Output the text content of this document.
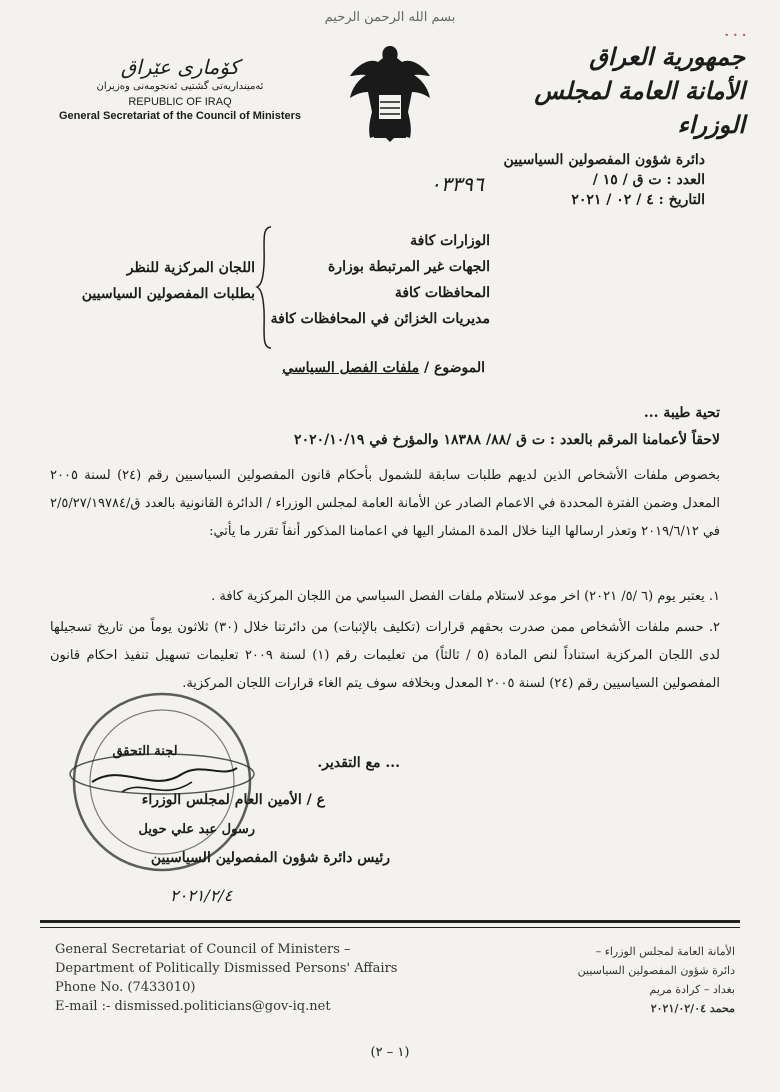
···
بسم الله الرحمن الرحيم
جمهورية العراق
الأمانة العامة لمجلس الوزراء
كۆماری عێراق
ئه‌مینداریه‌تی گشتیی ئه‌نجومه‌نی وه‌زیران
REPUBLIC OF IRAQ
General Secretariat of the Council of Ministers
دائرة شؤون المفصولين السياسيين
العدد : ت ق / ١٥ /
٠٣٣٩٦
التاريخ : ٤ / ٠٢ / ٢٠٢١
الوزارات كافة
الجهات غير المرتبطة بوزارة
المحافظات كافة
مديريات الخزائن في المحافظات كافة
اللجان المركزية للنظر
بطلبات المفصولين السياسيين
الموضوع / ملفات الفصل السياسي
تحية طيبة ...
لاحقاً لأعمامنا المرقم بالعدد : ت ق /٨٨/ ١٨٣٨٨ والمؤرخ في ٢٠٢٠/١٠/١٩
بخصوص ملفات الأشخاص الذين لديهم طلبات سابقة للشمول بأحكام قانون المفصولين السياسيين رقم (٢٤) لسنة ٢٠٠٥ المعدل وضمن الفترة المحددة في الاعمام الصادر عن الأمانة العامة لمجلس الوزراء / الدائرة القانونية بالعدد ق/٢/٥/٢٧/١٩٧٨٤ في ٢٠١٩/٦/١٢ وتعذر ارسالها الينا خلال المدة المشار اليها في اعمامنا المذكور أنفاً تقرر ما يأتي:
١. يعتبر يوم (٦ /٥/ ٢٠٢١) اخر موعد لاستلام ملفات الفصل السياسي من اللجان المركزية كافة .
٢. حسم ملفات الأشخاص ممن صدرت بحقهم قرارات (تكليف بالإثبات) من دائرتنا خلال (٣٠) ثلاثون يوماً من تاريخ تسجيلها لدى اللجان المركزية استناداً لنص المادة (٥ / ثالثاً) من تعليمات رقم (١) لسنة ٢٠٠٩ تعليمات تسهيل تنفيذ احكام قانون المفصولين السياسيين رقم (٢٤) لسنة ٢٠٠٥ المعدل وبخلافه سوف يتم الغاء قرارات اللجان المركزية.
... مع التقدير.
لجنة التحقق
ع / الأمين العام لمجلس الوزراء
رسول عبد علي حويل
رئيس دائرة شؤون المفصولين السياسيين
٢٠٢١/٢/٤
General Secretariat of Council of Ministers –
Department of Politically Dismissed Persons' Affairs
Phone No. (7433010)
E-mail :- dismissed.politicians@gov-iq.net
الأمانة العامة لمجلس الوزراء –
دائرة شؤون المفصولين السياسيين
بغداد – كرادة مريم
محمد ٢٠٢١/٠٢/٠٤
(١ – ٢)
